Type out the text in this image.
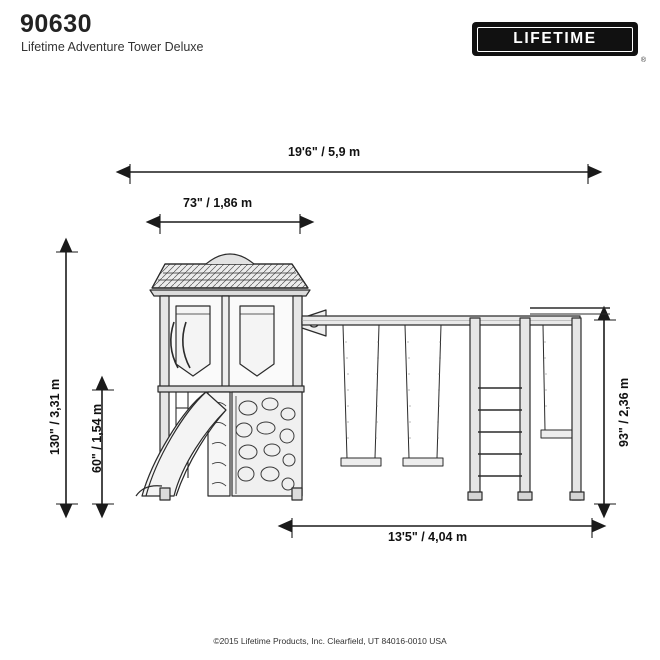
90630
Lifetime Adventure Tower Deluxe	LIFETIME
®
19'6" / 5,9 m
73" / 1,86 m
13'5" / 4,04 m
130" / 3,31 m 60" / 1,54 m	93" / 2,36 m
©2015 Lifetime Products, Inc. Clearfield, UT 84016-0010 USA
